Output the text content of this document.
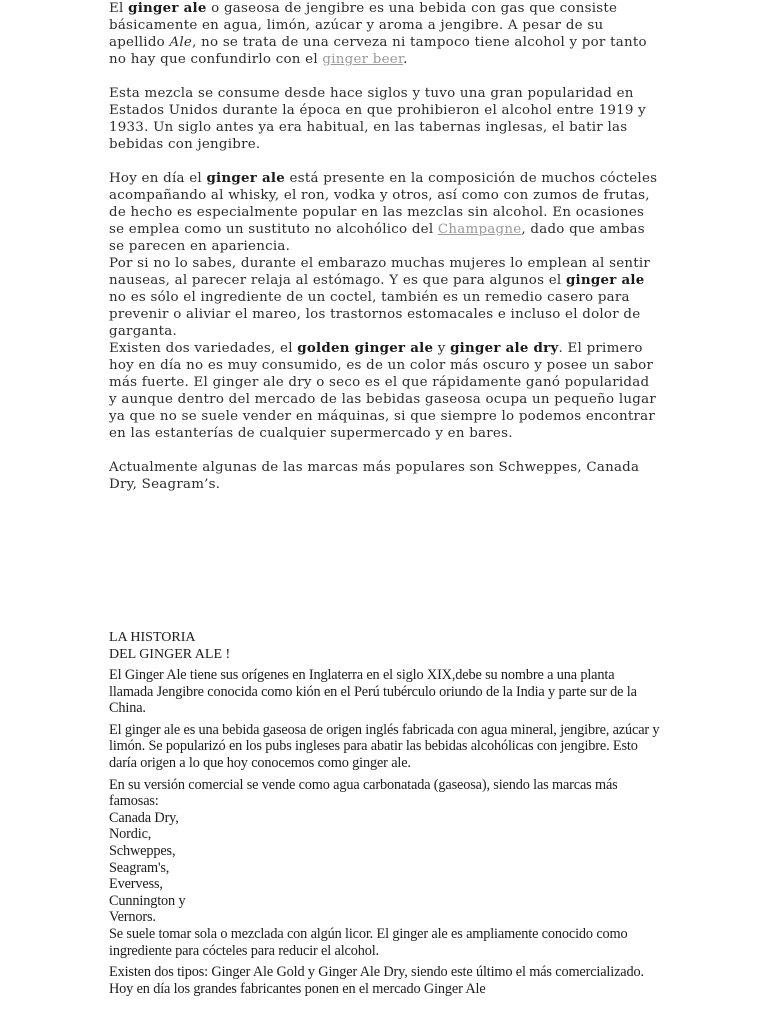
El ginger ale o gaseosa de jengibre es una bebida con gas que consiste básicamente en agua, limón, azúcar y aroma a jengibre. A pesar de su apellido Ale, no se trata de una cerveza ni tampoco tiene alcohol y por tanto no hay que confundirlo con el ginger beer.

Esta mezcla se consume desde hace siglos y tuvo una gran popularidad en Estados Unidos durante la época en que prohibieron el alcohol entre 1919 y 1933. Un siglo antes ya era habitual, en las tabernas inglesas, el batir las bebidas con jengibre.

Hoy en día el ginger ale está presente en la composición de muchos cócteles acompañando al whisky, el ron, vodka y otros, así como con zumos de frutas, de hecho es especialmente popular en las mezclas sin alcohol. En ocasiones se emplea como un sustituto no alcohólico del Champagne, dado que ambas se parecen en apariencia.

Por si no lo sabes, durante el embarazo muchas mujeres lo emplean al sentir nauseas, al parecer relaja al estómago. Y es que para algunos el ginger ale no es sólo el ingrediente de un coctel, también es un remedio casero para prevenir o aliviar el mareo, los trastornos estomacales e incluso el dolor de garganta.

Existen dos variedades, el golden ginger ale y ginger ale dry. El primero hoy en día no es muy consumido, es de un color más oscuro y posee un sabor más fuerte. El ginger ale dry o seco es el que rápidamente ganó popularidad y aunque dentro del mercado de las bebidas gaseosa ocupa un pequeño lugar ya que no se suele vender en máquinas, si que siempre lo podemos encontrar en las estanterías de cualquier supermercado y en bares.

Actualmente algunas de las marcas más populares son Schweppes, Canada Dry, Seagram’s.

LA HISTORIA
DEL GINGER ALE !

El Ginger Ale tiene sus orígenes en Inglaterra en el siglo XIX,debe su nombre a una planta llamada Jengibre conocida como kión en el Perú tubérculo oriundo de la India y parte sur de la China.

El ginger ale es una bebida gaseosa de origen inglés fabricada con agua mineral, jengibre, azúcar y limón. Se popularizó en los pubs ingleses para abatir las bebidas alcohólicas con jengibre. Esto daría origen a lo que hoy conocemos como ginger ale.

En su versión comercial se vende como agua carbonatada (gaseosa), siendo las marcas más famosas:
Canada Dry,
Nordic,
Schweppes,
Seagram's,
Evervess,
Cunnington y
Vernors.
Se suele tomar sola o mezclada con algún licor. El ginger ale es ampliamente conocido como ingrediente para cócteles para reducir el alcohol.

Existen dos tipos: Ginger Ale Gold y Ginger Ale Dry, siendo este último el más comercializado. Hoy en día los grandes fabricantes ponen en el mercado Ginger Ale
